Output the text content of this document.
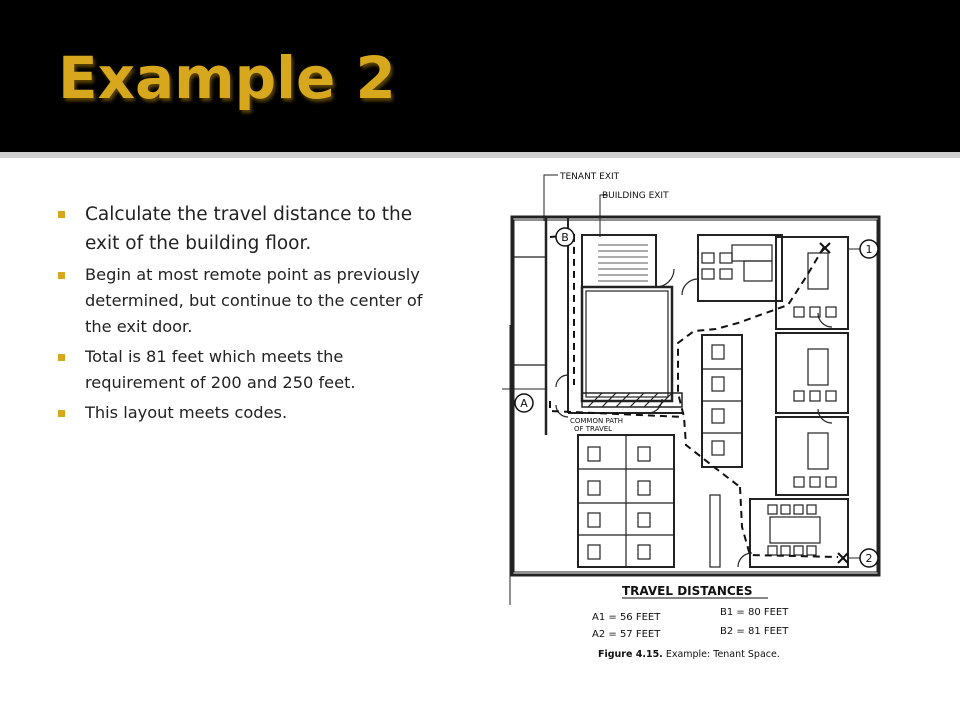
Example 2
Calculate the travel distance to the exit of the building floor.
Begin at most remote point as previously determined, but continue to the center of the exit door.
Total is 81 feet which meets the requirement of 200 and 250 feet.
This layout meets codes.
B
A
1
2
TENANT EXIT
BUILDING EXIT
COMMON PATH
OF TRAVEL
TRAVEL DISTANCES
A1 = 56 FEET
A2 = 57 FEET
B1 = 80 FEET
B2 = 81 FEET
Figure 4.15. Example: Tenant Space.
